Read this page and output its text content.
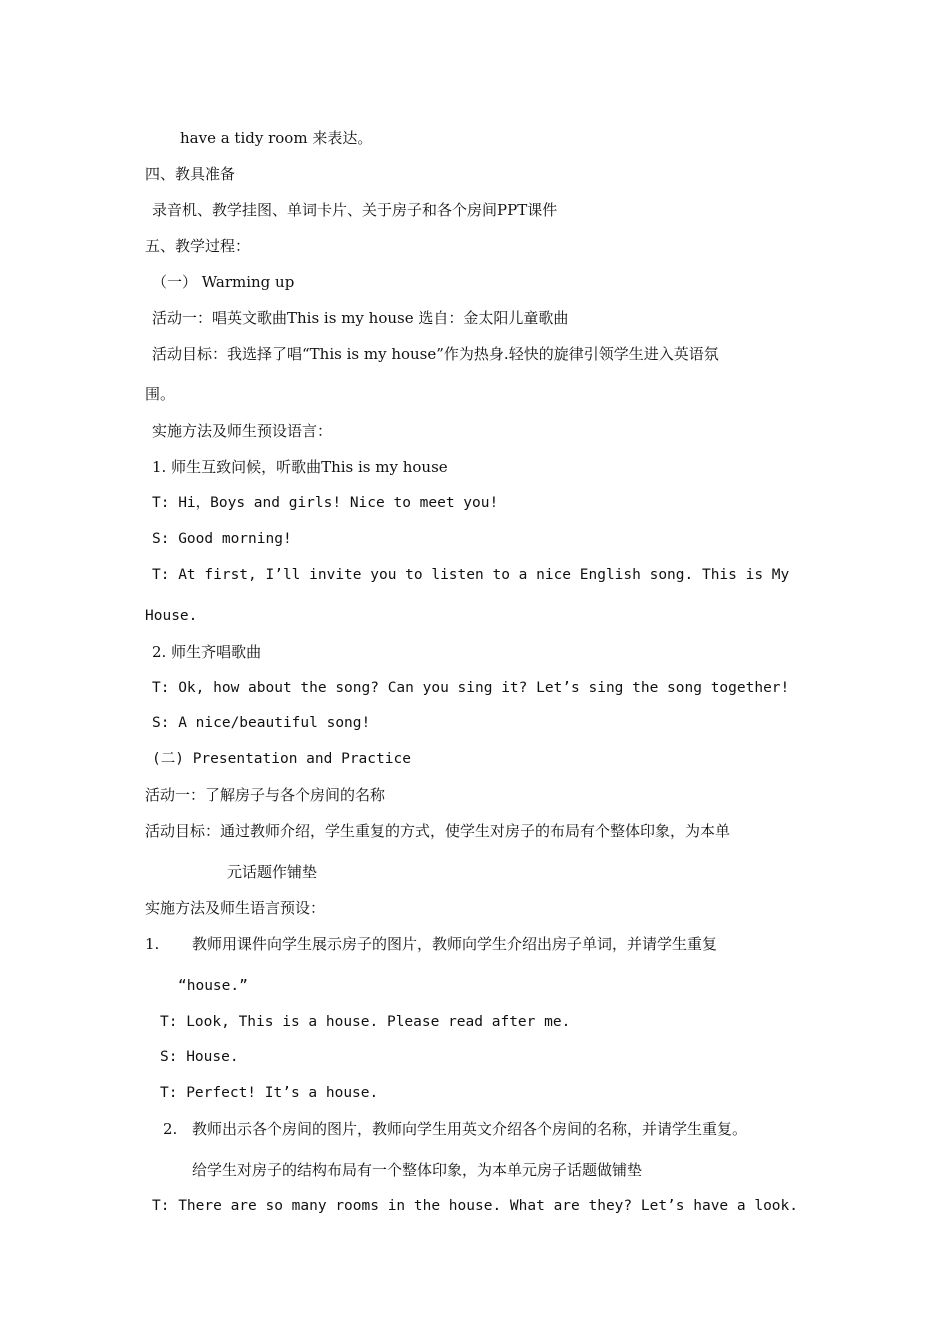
have a tidy room 来表达。
四、教具准备
录音机、教学挂图、单词卡片、关于房子和各个房间PPT课件
五、教学过程：
（一） Warming up
活动一：唱英文歌曲This is my house 选自：金太阳儿童歌曲
活动目标：我选择了唱“This is my house”作为热身.轻快的旋律引领学生进入英语氛
围。
实施方法及师生预设语言：
1. 师生互致问候，听歌曲This is my house
T: Hi，Boys and girls! Nice to meet you!
S: Good morning!
T: At first, I’ll invite you to listen to a nice English song. This is My
House.
2. 师生齐唱歌曲
T: Ok, how about the song? Can you sing it? Let’s sing the song together!
S: A nice/beautiful song!
(二) Presentation and Practice
活动一：了解房子与各个房间的名称
活动目标：通过教师介绍，学生重复的方式，使学生对房子的布局有个整体印象，为本单
元话题作铺垫
实施方法及师生语言预设：
1. 教师用课件向学生展示房子的图片，教师向学生介绍出房子单词，并请学生重复
“house.”
T: Look, This is a house. Please read after me.
S: House.
T: Perfect! It’s a house.
2. 教师出示各个房间的图片，教师向学生用英文介绍各个房间的名称，并请学生重复。
给学生对房子的结构布局有一个整体印象，为本单元房子话题做铺垫
T: There are so many rooms in the house. What are they? Let’s have a look.
